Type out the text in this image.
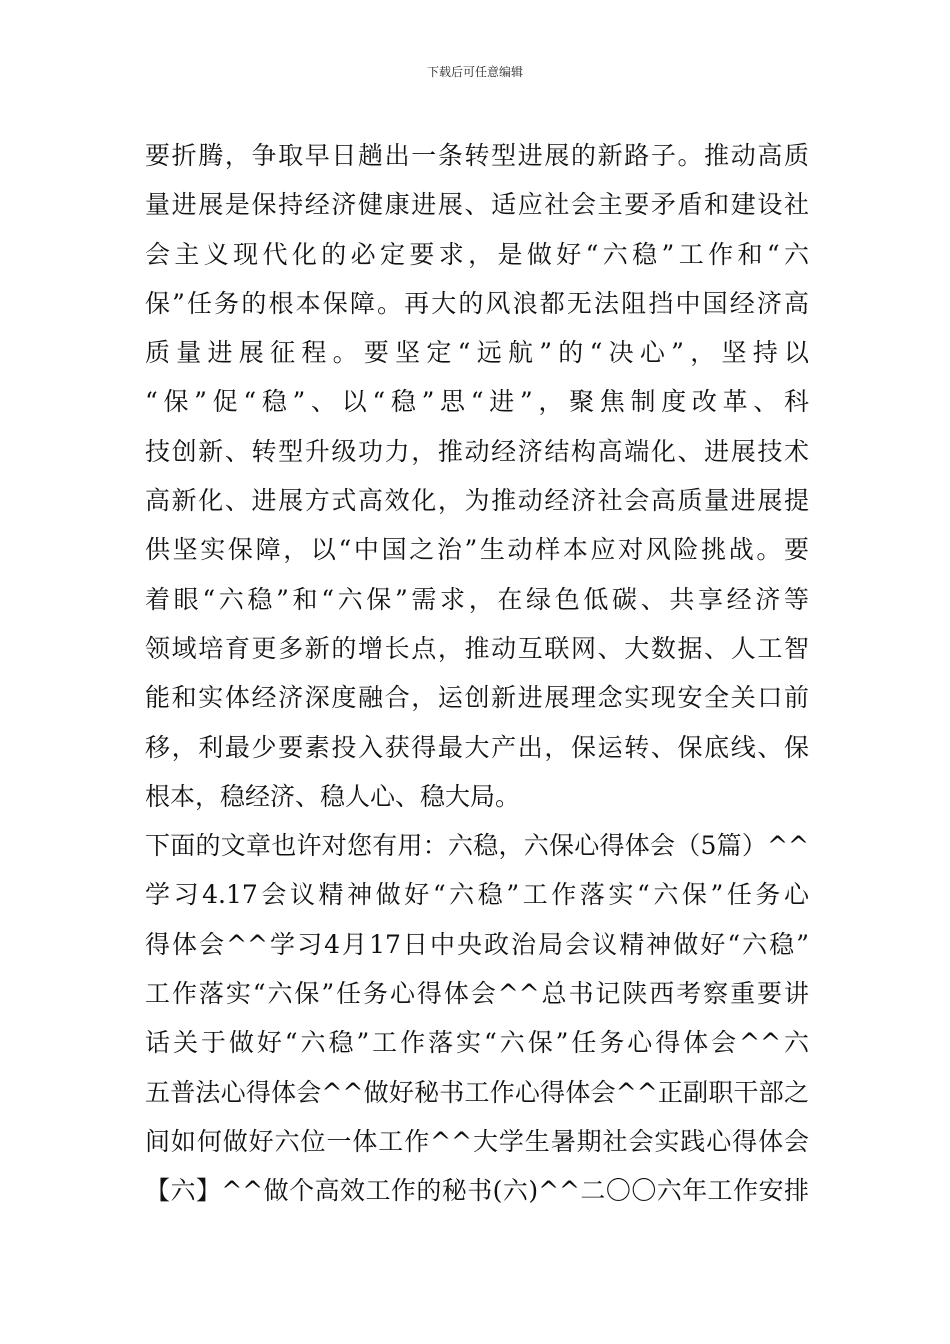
下载后可任意编辑
要折腾，争取早日趟出一条转型进展的新路子。推动高质
量进展是保持经济健康进展、适应社会主要矛盾和建设社
会主义现代化的必定要求，是做好“六稳”工作和“六
保”任务的根本保障。再大的风浪都无法阻挡中国经济高
质量进展征程。要坚定“远航”的“决心”，坚持以
“保”促“稳”、以“稳”思“进”，聚焦制度改革、科
技创新、转型升级功力，推动经济结构高端化、进展技术
高新化、进展方式高效化，为推动经济社会高质量进展提
供坚实保障，以“中国之治”生动样本应对风险挑战。要
着眼“六稳”和“六保”需求，在绿色低碳、共享经济等
领域培育更多新的增长点，推动互联网、大数据、人工智
能和实体经济深度融合，运创新进展理念实现安全关口前
移，利最少要素投入获得最大产出，保运转、保底线、保
根本，稳经济、稳人心、稳大局。
下面的文章也许对您有用：六稳，六保心得体会（5篇）^^
学习4.17会议精神做好“六稳”工作落实“六保”任务心
得体会^^学习4月17日中央政治局会议精神做好“六稳”
工作落实“六保”任务心得体会^^总书记陕西考察重要讲
话关于做好“六稳”工作落实“六保”任务心得体会^^六
五普法心得体会^^做好秘书工作心得体会^^正副职干部之
间如何做好六位一体工作^^大学生暑期社会实践心得体会
【六】^^做个高效工作的秘书(六)^^二〇〇六年工作安排
